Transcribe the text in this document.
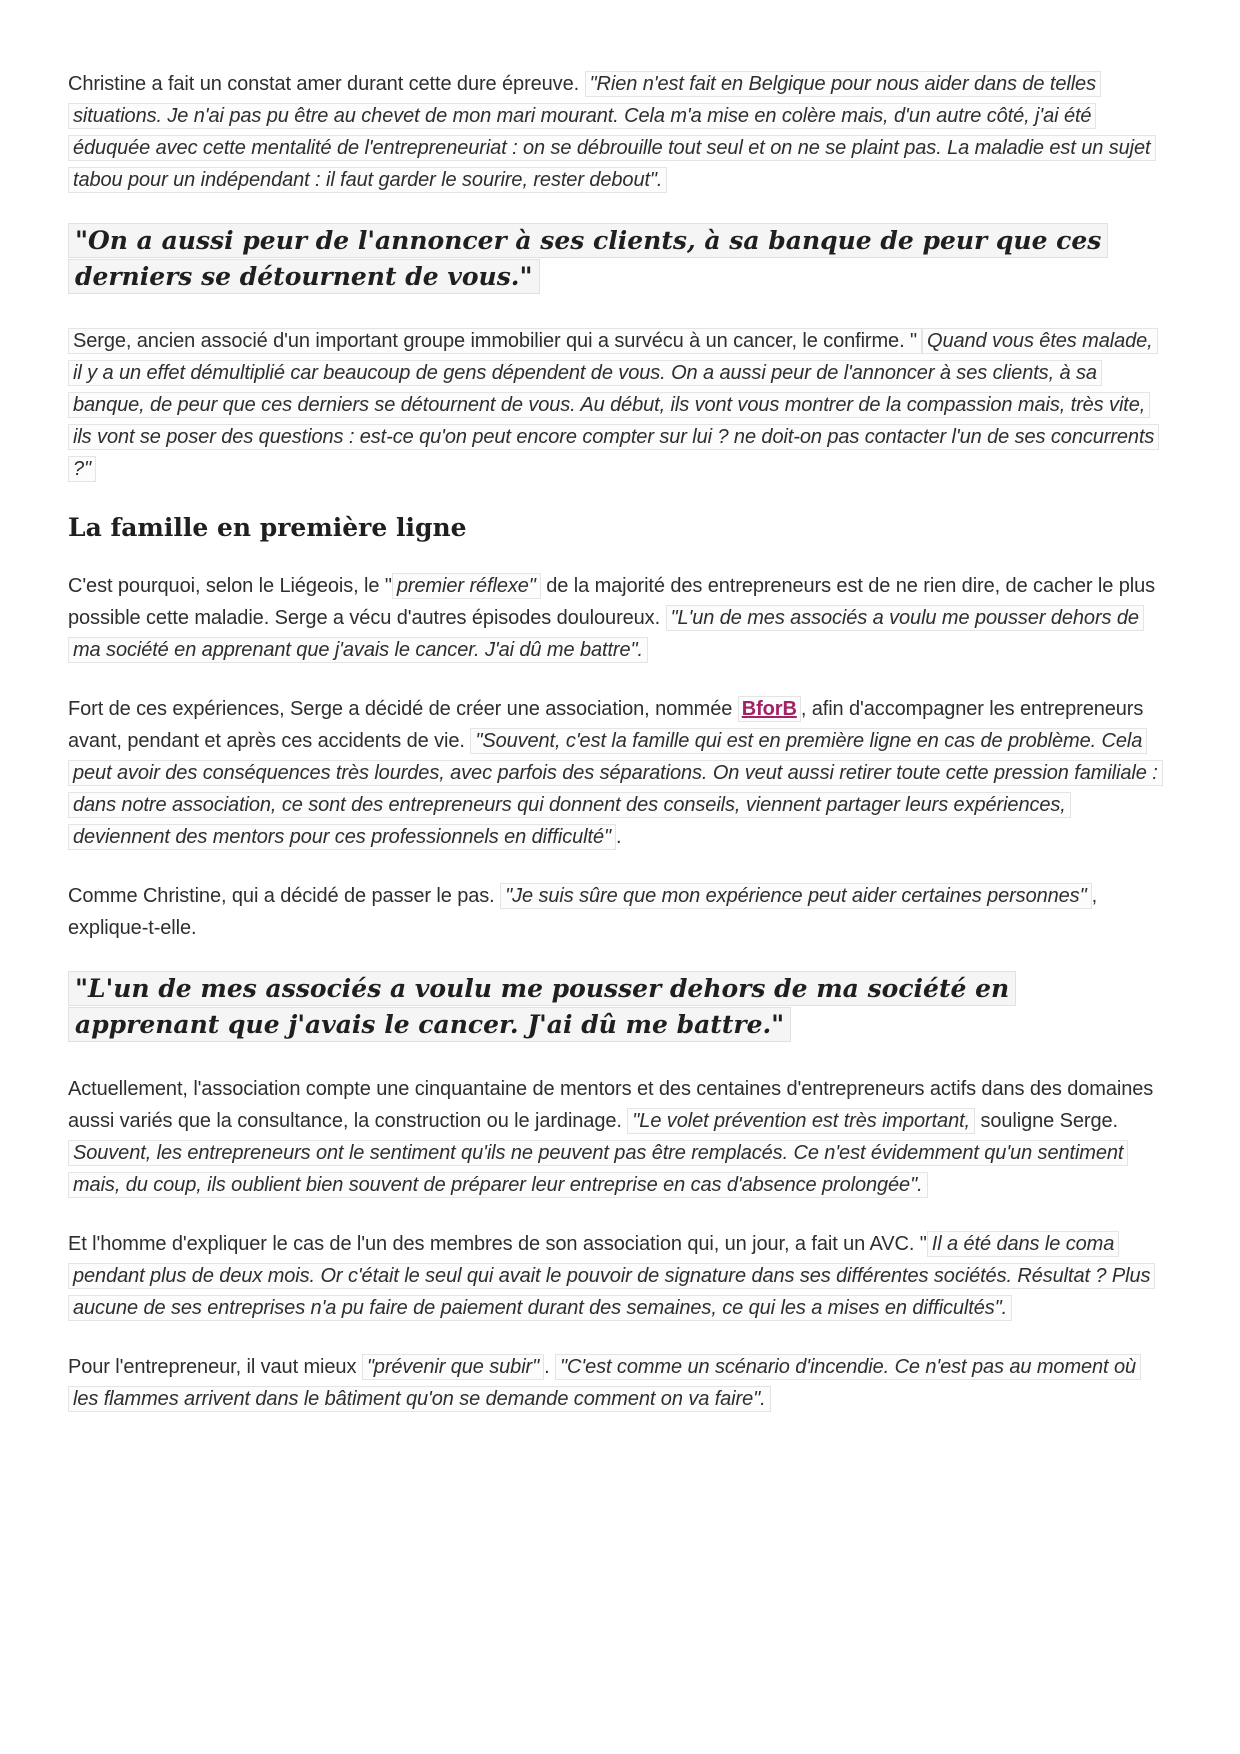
Christine a fait un constat amer durant cette dure épreuve. "Rien n'est fait en Belgique pour nous aider dans de telles situations. Je n'ai pas pu être au chevet de mon mari mourant. Cela m'a mise en colère mais, d'un autre côté, j'ai été éduquée avec cette mentalité de l'entrepreneuriat : on se débrouille tout seul et on ne se plaint pas. La maladie est un sujet tabou pour un indépendant : il faut garder le sourire, rester debout".

"On a aussi peur de l'annoncer à ses clients, à sa banque de peur que ces derniers se détournent de vous."

Serge, ancien associé d'un important groupe immobilier qui a survécu à un cancer, le confirme. " Quand vous êtes malade, il y a un effet démultiplié car beaucoup de gens dépendent de vous. On a aussi peur de l'annoncer à ses clients, à sa banque, de peur que ces derniers se détournent de vous. Au début, ils vont vous montrer de la compassion mais, très vite, ils vont se poser des questions : est-ce qu'on peut encore compter sur lui ? ne doit-on pas contacter l'un de ses concurrents ?"

La famille en première ligne

C'est pourquoi, selon le Liégeois, le " premier réflexe" de la majorité des entrepreneurs est de ne rien dire, de cacher le plus possible cette maladie. Serge a vécu d'autres épisodes douloureux. "L'un de mes associés a voulu me pousser dehors de ma société en apprenant que j'avais le cancer. J'ai dû me battre".

Fort de ces expériences, Serge a décidé de créer une association, nommée BforB , afin d'accompagner les entrepreneurs avant, pendant et après ces accidents de vie. "Souvent, c'est la famille qui est en première ligne en cas de problème. Cela peut avoir des conséquences très lourdes, avec parfois des séparations. On veut aussi retirer toute cette pression familiale : dans notre association, ce sont des entrepreneurs qui donnent des conseils, viennent partager leurs expériences, deviennent des mentors pour ces professionnels en difficulté" .

Comme Christine, qui a décidé de passer le pas. "Je suis sûre que mon expérience peut aider certaines personnes" , explique-t-elle.

"L'un de mes associés a voulu me pousser dehors de ma société en apprenant que j'avais le cancer. J'ai dû me battre."

Actuellement, l'association compte une cinquantaine de mentors et des centaines d'entrepreneurs actifs dans des domaines aussi variés que la consultance, la construction ou le jardinage. "Le volet prévention est très important, souligne Serge. Souvent, les entrepreneurs ont le sentiment qu'ils ne peuvent pas être remplacés. Ce n'est évidemment qu'un sentiment mais, du coup, ils oublient bien souvent de préparer leur entreprise en cas d'absence prolongée".

Et l'homme d'expliquer le cas de l'un des membres de son association qui, un jour, a fait un AVC. " Il a été dans le coma pendant plus de deux mois. Or c'était le seul qui avait le pouvoir de signature dans ses différentes sociétés. Résultat ? Plus aucune de ses entreprises n'a pu faire de paiement durant des semaines, ce qui les a mises en difficultés".

Pour l'entrepreneur, il vaut mieux "prévenir que subir" . "C'est comme un scénario d'incendie. Ce n'est pas au moment où les flammes arrivent dans le bâtiment qu'on se demande comment on va faire".
